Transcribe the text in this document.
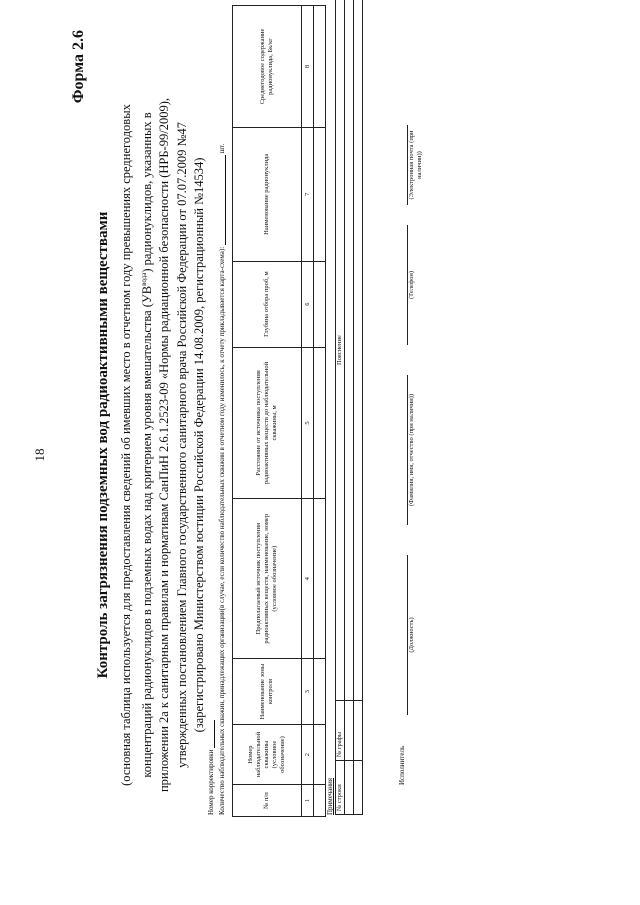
18
Форма 2.6
Контроль загрязнения подземных вод радиоактивными веществами (основная таблица используется для предоставления сведений об имевших место в отчетном году превышениях среднегодовых концентраций радионуклидов в подземных водах над критерием уровня вмешательства $(УВ^{вода})$ радионуклидов, указанных в приложении 2а к санитарным правилам и нормативам СанПиН 2.6.1.2523-09 «Нормы радиационной безопасности (НРБ-99/2009), утвержденных постановлением Главного государственного санитарного врача Российской Федерации от 07.07.2009 №47 (зарегистрировано Министерством юстиции Российской Федерации 14.08.2009, регистрационный №14534)
Номер корректировки Количество наблюдательных скважин, принадлежащих организации(в случае, если количество наблюдательных скважин в отчетном году изменилось, к отчету прикладывается карта-схема):  шт.
№ п/п	Номер наблюдательной скважины (условное обозначение)	Наименование зоны контроля	Предполагаемый источник поступления радиоактивных веществ, наименование, номер (условное обозначение)	Расстояние от источника поступления радиоактивных веществ до наблюдательной скважины, м	Глубина отбора проб, м	Наименование радионуклида	Среднегодовое содержание радионуклида, Бк/кг
1	2	3	4	5	6	7	8

Примечания № строки	№ графы	Пояснение

Исполнитель
(Должность)
(Фамилия, имя, отчество (при наличии))
(Телефон)
(Электронная почта (при наличии))
